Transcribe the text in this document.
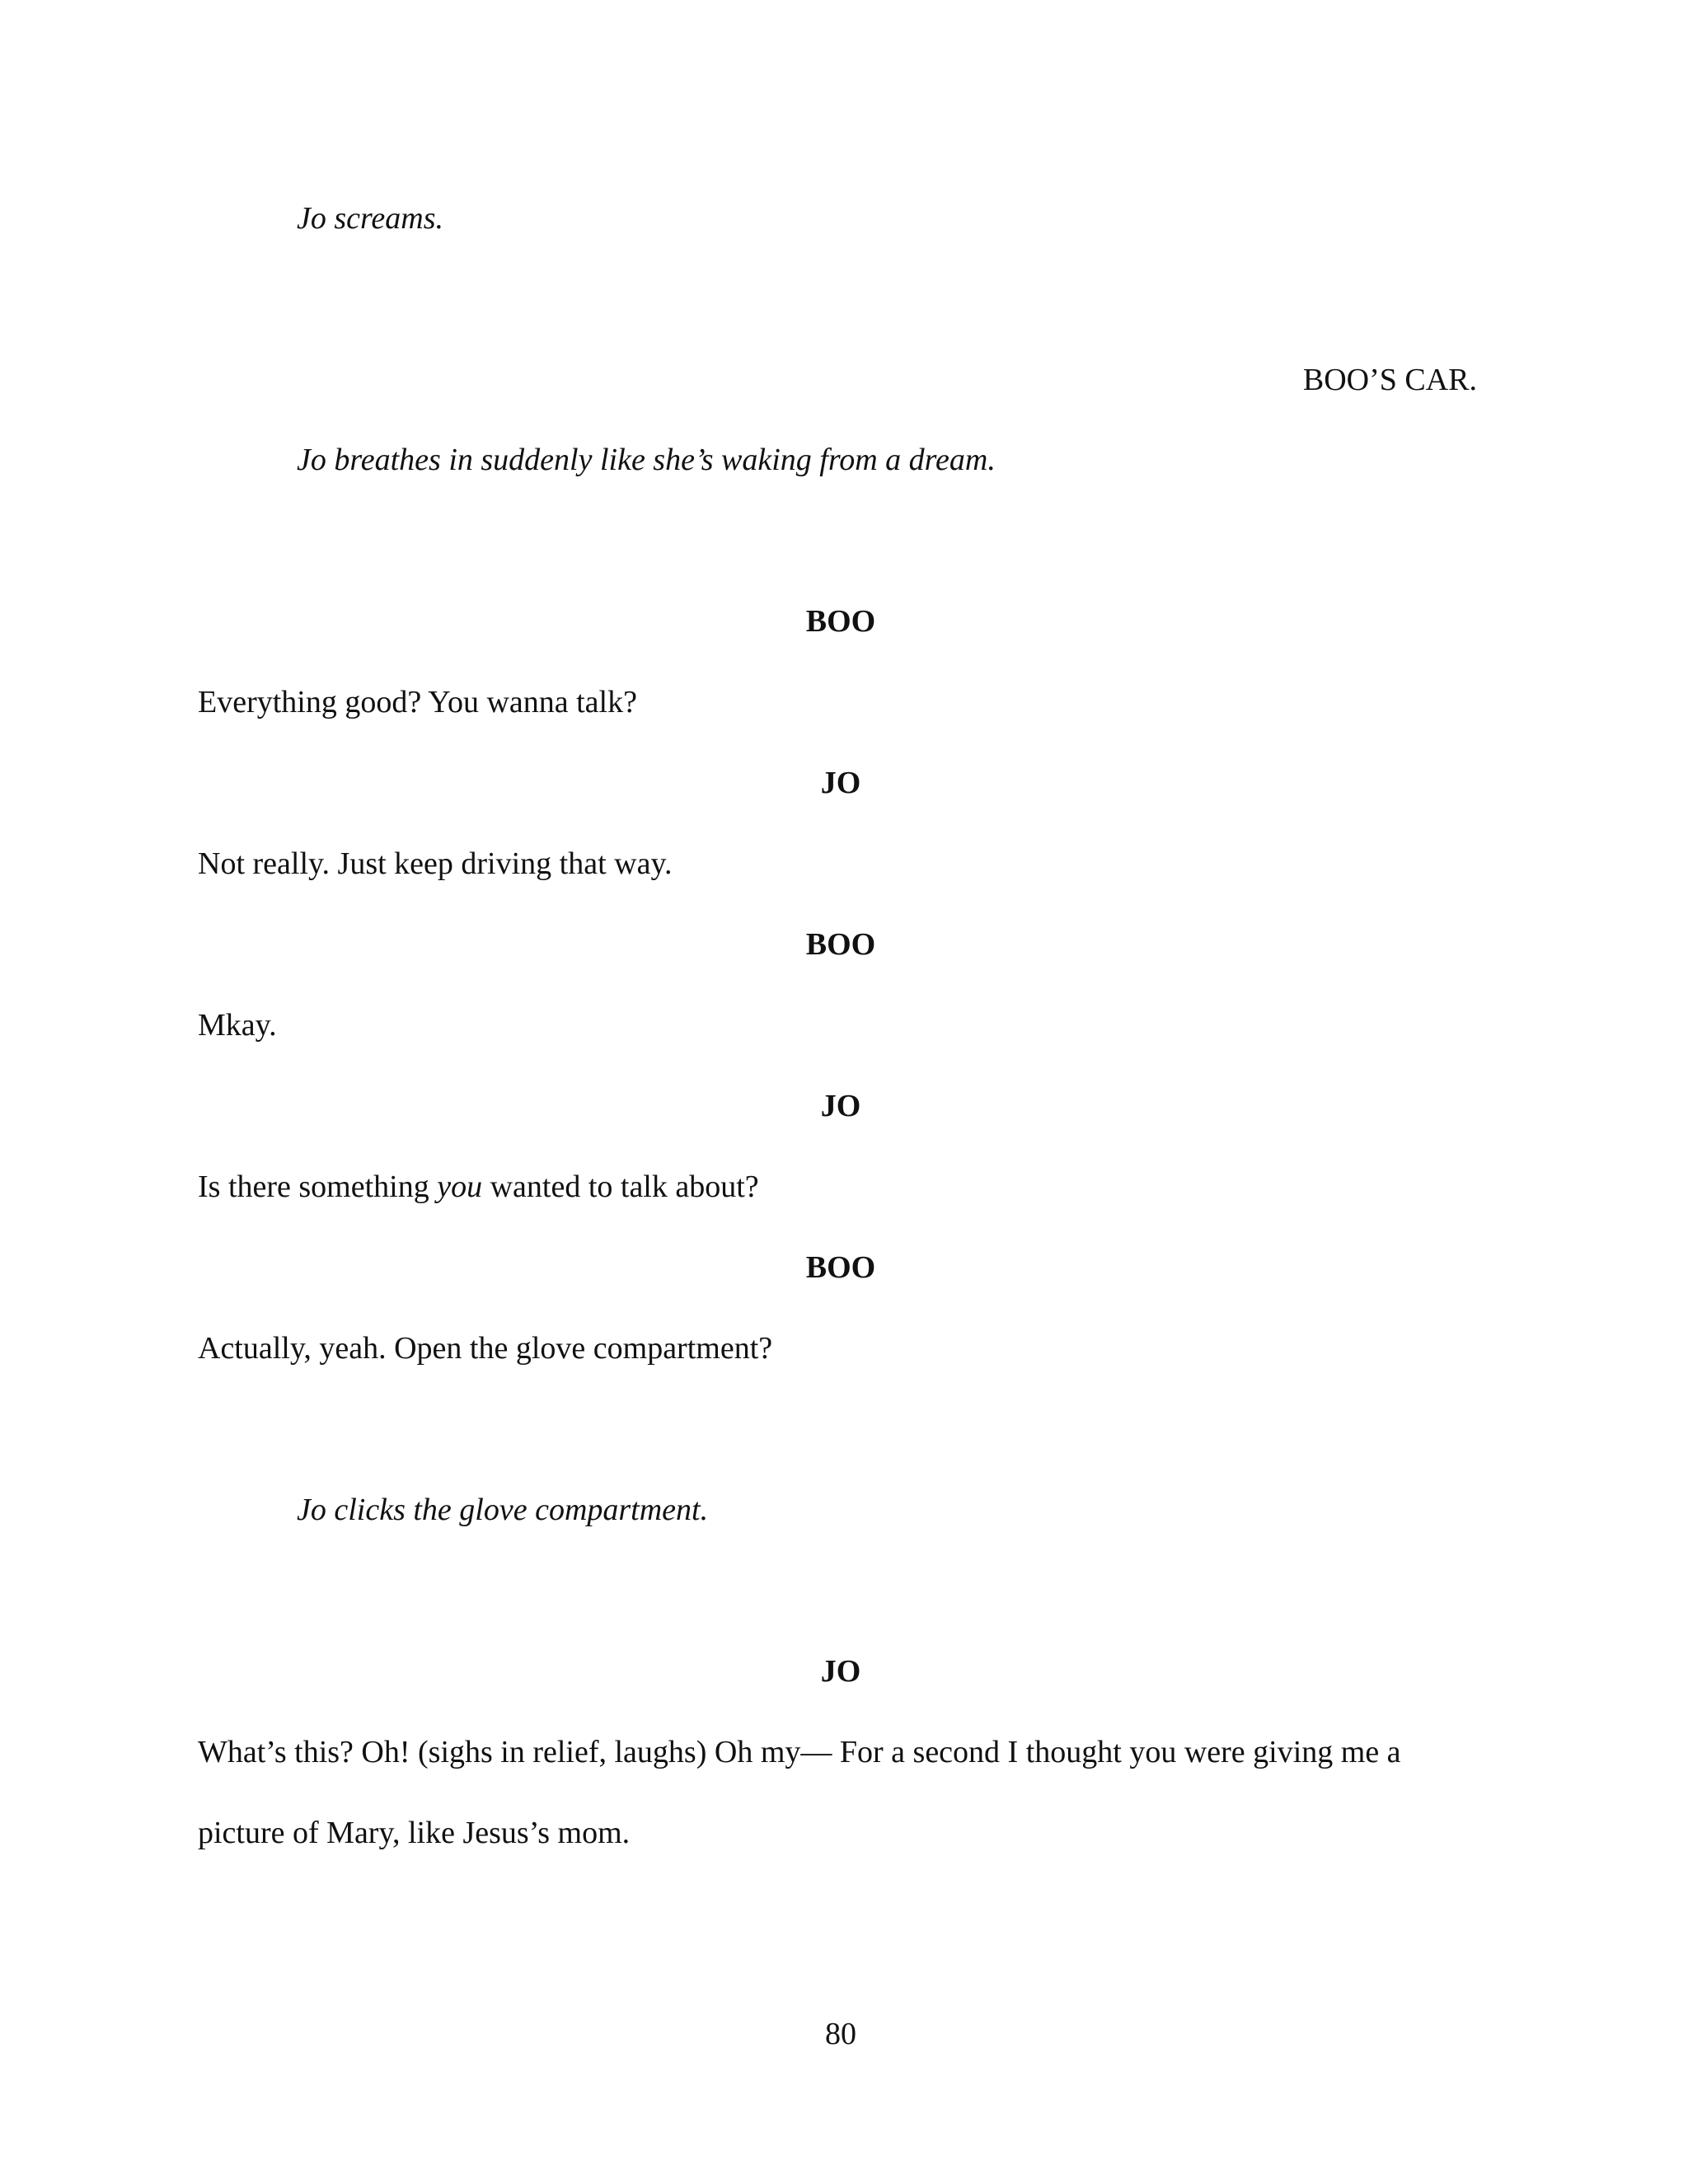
Jo screams.
BOO’S CAR.
Jo breathes in suddenly like she’s waking from a dream.
BOO
Everything good? You wanna talk?
JO
Not really. Just keep driving that way.
BOO
Mkay.
JO
Is there something you wanted to talk about?
BOO
Actually, yeah. Open the glove compartment?
Jo clicks the glove compartment.
JO
What’s this? Oh! (sighs in relief, laughs) Oh my— For a second I thought you were giving me a
picture of Mary, like Jesus’s mom.
80
